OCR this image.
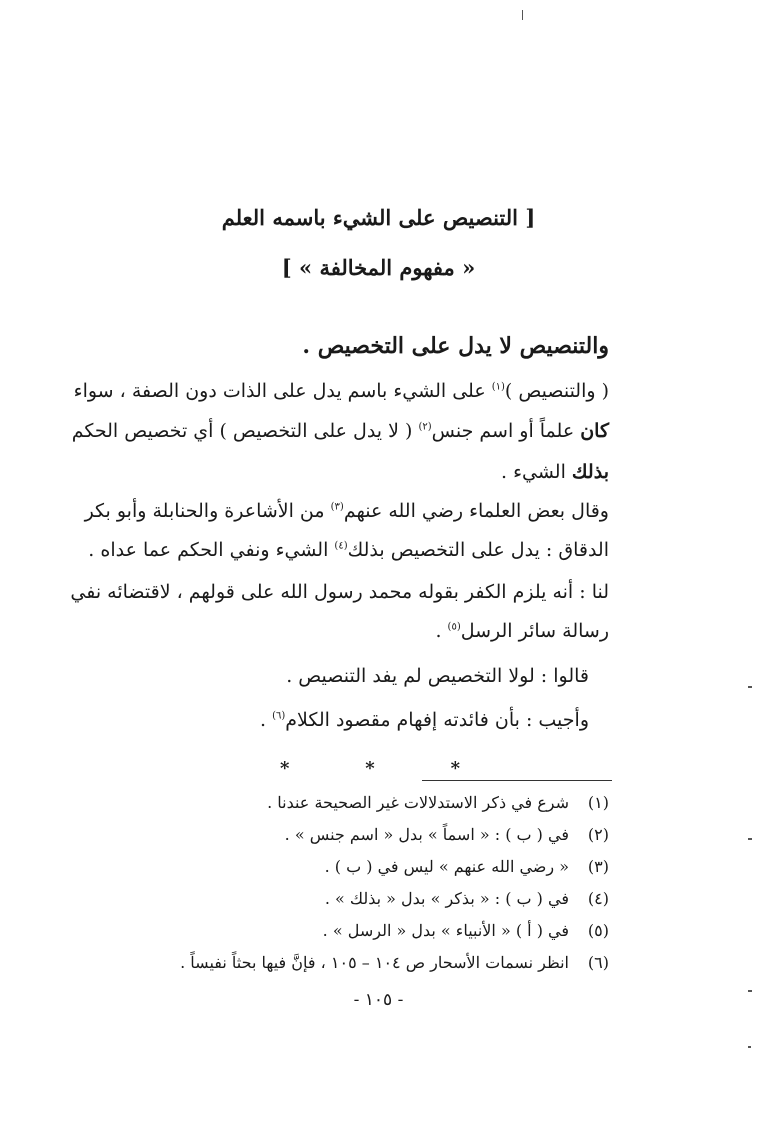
[ التنصيص على الشيء باسمه العلم
« مفهوم المخالفة » ]
والتنصيص لا يدل على التخصيص .
( والتنصيص )$^{(١)}$ على الشيء باسم يدل على الذات دون الصفة ، سواء
كان علماً أو اسم جنس$^{(٢)}$ ( لا يدل على التخصيص ) أي تخصيص الحكم
بذلك الشيء .
وقال بعض العلماء رضي الله عنهم$^{(٣)}$ من الأشاعرة والحنابلة وأبو بكر
الدقاق : يدل على التخصيص بذلك$^{(٤)}$ الشيء ونفي الحكم عما عداه .
لنا : أنه يلزم الكفر بقوله محمد رسول الله على قولهم ، لاقتضائه نفي
رسالة سائر الرسل$^{(٥)}$ .
قالوا : لولا التخصيص لم يفد التنصيص .
وأجيب : بأن فائدته إفهام مقصود الكلام$^{(٦)}$ .
*	*	*
(١)شرع في ذكر الاستدلالات غير الصحيحة عندنا .
(٢)في ( ب ) : « اسماً » بدل « اسم جنس » .
(٣)« رضي الله عنهم » ليس في ( ب ) .
(٤)في ( ب ) : « بذكر » بدل « بذلك » .
(٥)في ( أ ) « الأنبياء » بدل « الرسل » .
(٦)انظر نسمات الأسحار ص ١٠٤ – ١٠٥ ، فإنَّ فيها بحثاً نفيساً .
- ١٠٥ -
